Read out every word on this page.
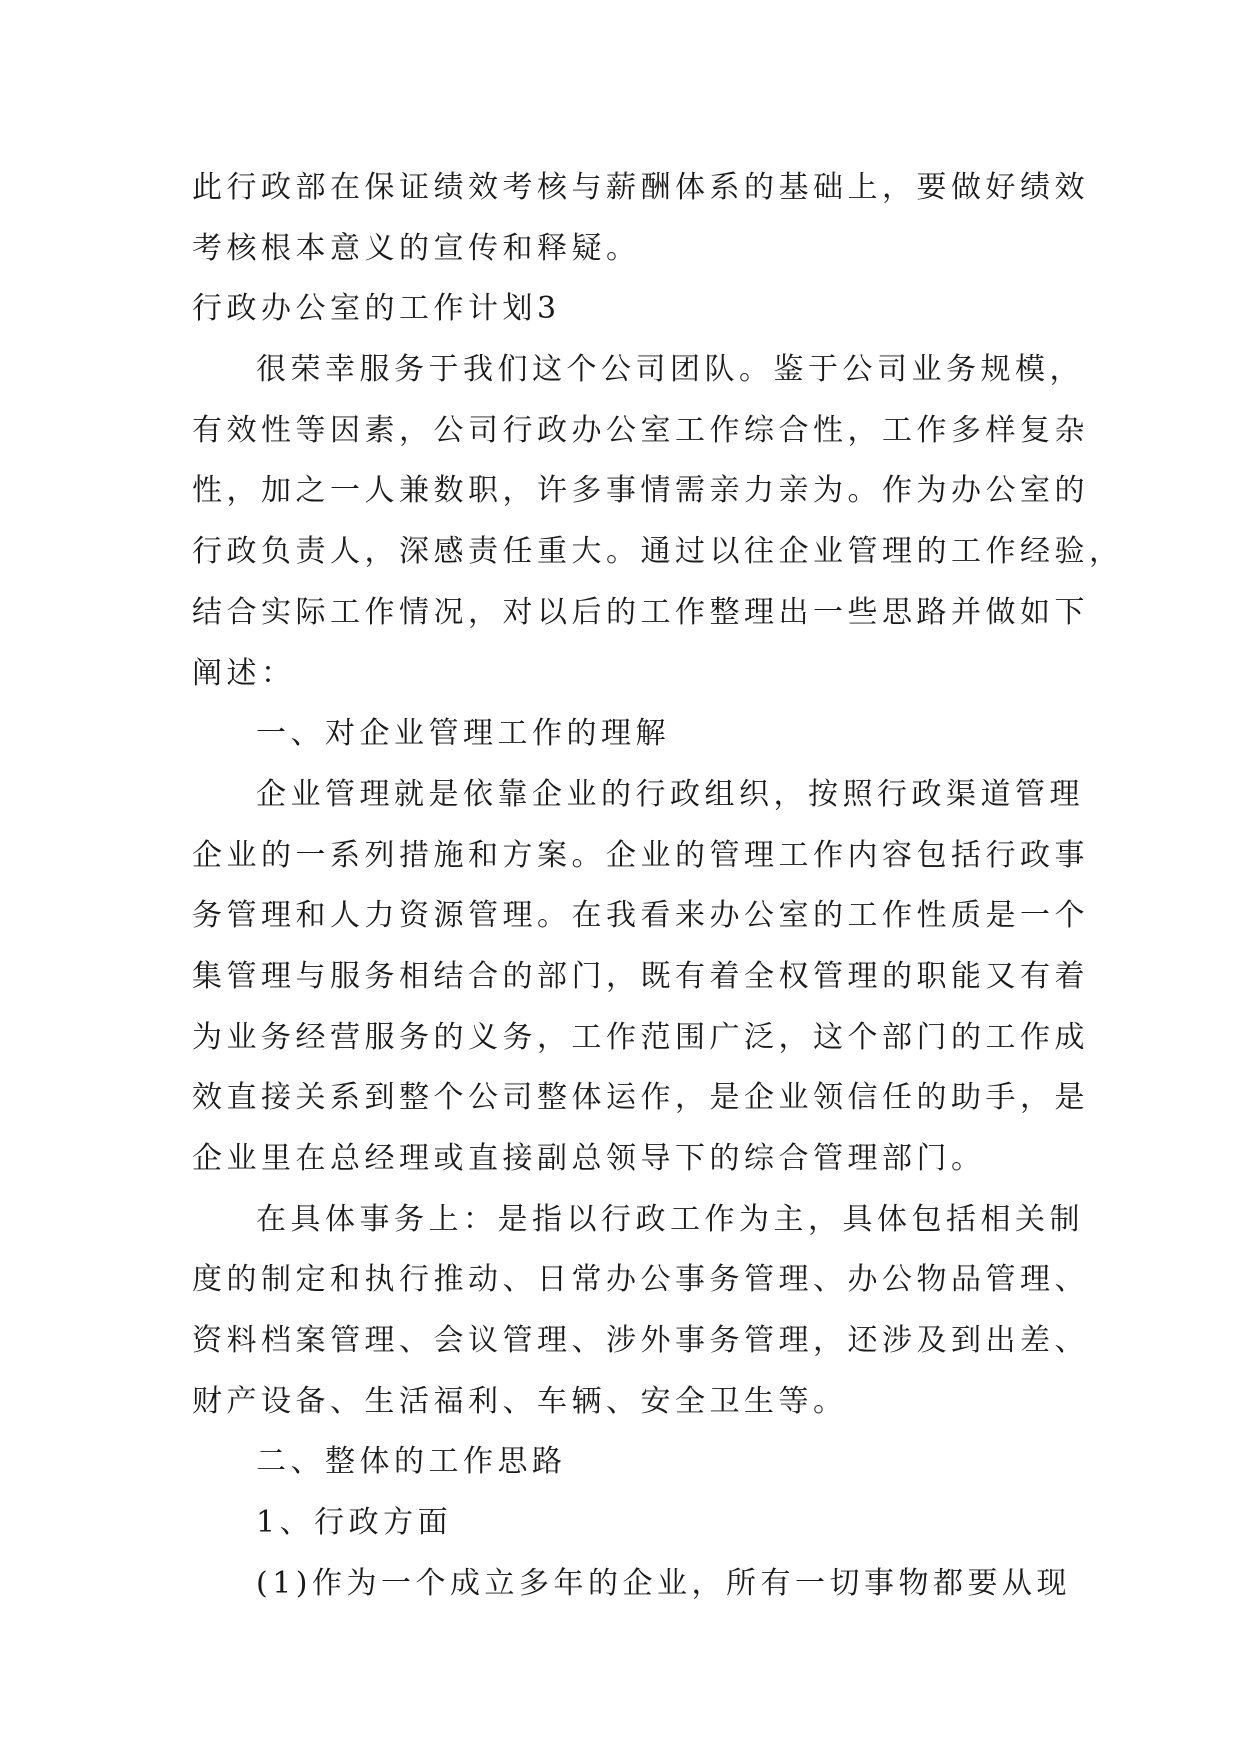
此行政部在保证绩效考核与薪酬体系的基础上，要做好绩效
考核根本意义的宣传和释疑。
行政办公室的工作计划3
很荣幸服务于我们这个公司团队。鉴于公司业务规模，
有效性等因素，公司行政办公室工作综合性，工作多样复杂
性，加之一人兼数职，许多事情需亲力亲为。作为办公室的
行政负责人，深感责任重大。通过以往企业管理的工作经验，
结合实际工作情况，对以后的工作整理出一些思路并做如下
阐述：
一、对企业管理工作的理解
企业管理就是依靠企业的行政组织，按照行政渠道管理
企业的一系列措施和方案。企业的管理工作内容包括行政事
务管理和人力资源管理。在我看来办公室的工作性质是一个
集管理与服务相结合的部门，既有着全权管理的职能又有着
为业务经营服务的义务，工作范围广泛，这个部门的工作成
效直接关系到整个公司整体运作，是企业领信任的助手，是
企业里在总经理或直接副总领导下的综合管理部门。
在具体事务上：是指以行政工作为主，具体包括相关制
度的制定和执行推动、日常办公事务管理、办公物品管理、
资料档案管理、会议管理、涉外事务管理，还涉及到出差、
财产设备、生活福利、车辆、安全卫生等。
二、整体的工作思路
1、行政方面
(1)作为一个成立多年的企业，所有一切事物都要从现
